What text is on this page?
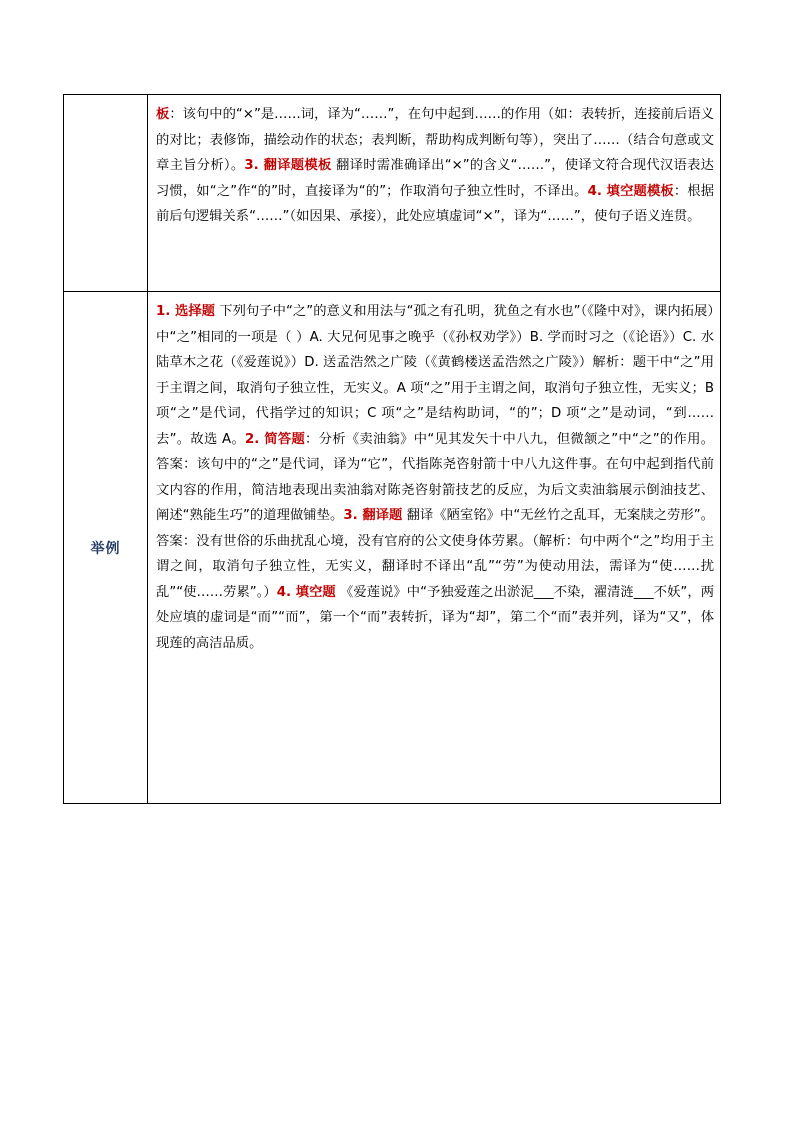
	板：该句中的“×”是……词，译为“……”，在句中起到……的作用（如：表转折，连接前后语义的对比；表修饰，描绘动作的状态；表判断，帮助构成判断句等），突出了……（结合句意或文章主旨分析）。3. 翻译题模板 翻译时需准确译出“×”的含义“……”，使译文符合现代汉语表达习惯，如“之”作“的”时，直接译为“的”；作取消句子独立性时，不译出。4. 填空题模板：根据前后句逻辑关系“……”（如因果、承接），此处应填虚词“×”，译为“……”，使句子语义连贯。
举例	1. 选择题 下列句子中“之”的意义和用法与“孤之有孔明，犹鱼之有水也”（《隆中对》，课内拓展）中“之”相同的一项是（ ）A. 大兄何见事之晚乎（《孙权劝学》）B. 学而时习之（《论语》）C. 水陆草木之花（《爱莲说》）D. 送孟浩然之广陵（《黄鹤楼送孟浩然之广陵》）解析：题干中“之”用于主谓之间，取消句子独立性，无实义。A 项“之”用于主谓之间，取消句子独立性，无实义；B 项“之”是代词，代指学过的知识；C 项“之”是结构助词，“的”；D 项“之”是动词，“到……去”。故选 A。2. 简答题：分析《卖油翁》中“见其发矢十中八九，但微颔之”中“之”的作用。答案：该句中的“之”是代词，译为“它”，代指陈尧咨射箭十中八九这件事。在句中起到指代前文内容的作用，简洁地表现出卖油翁对陈尧咨射箭技艺的反应，为后文卖油翁展示倒油技艺、阐述“熟能生巧”的道理做铺垫。3. 翻译题 翻译《陋室铭》中“无丝竹之乱耳，无案牍之劳形”。答案：没有世俗的乐曲扰乱心境，没有官府的公文使身体劳累。（解析：句中两个“之”均用于主谓之间，取消句子独立性，无实义，翻译时不译出“乱”“劳”为使动用法，需译为“使……扰乱”“使……劳累”。）4. 填空题 《爱莲说》中“予独爱莲之出淤泥___不染，濯清涟___不妖”，两处应填的虚词是“而”“而”，第一个“而”表转折，译为“却”，第二个“而”表并列，译为“又”，体现莲的高洁品质。
